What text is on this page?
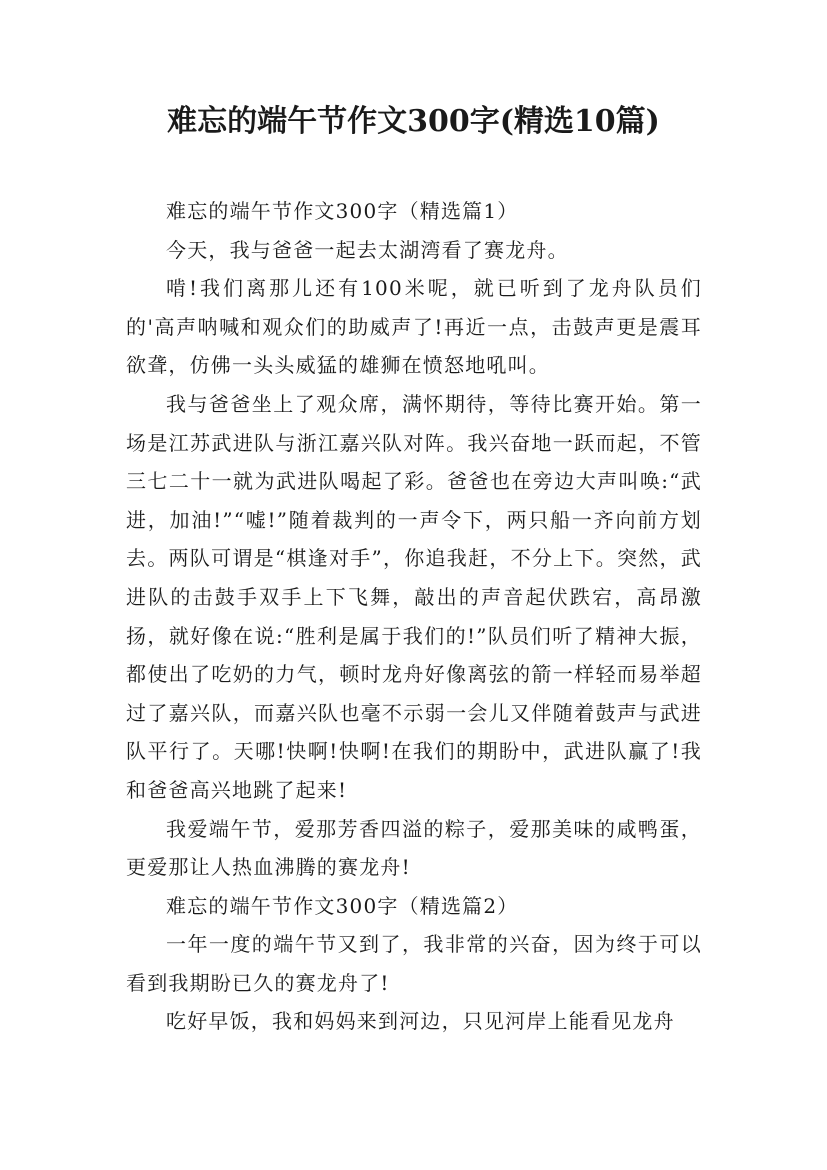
难忘的端午节作文300字(精选10篇)

难忘的端午节作文300字（精选篇1）

今天，我与爸爸一起去太湖湾看了赛龙舟。

啃!我们离那儿还有100米呢，就已听到了龙舟队员们的'高声呐喊和观众们的助威声了!再近一点，击鼓声更是震耳欲聋，仿佛一头头威猛的雄狮在愤怒地吼叫。

我与爸爸坐上了观众席，满怀期待，等待比赛开始。第一场是江苏武进队与浙江嘉兴队对阵。我兴奋地一跃而起，不管三七二十一就为武进队喝起了彩。爸爸也在旁边大声叫唤:“武进，加油!”“嘘!”随着裁判的一声令下，两只船一齐向前方划去。两队可谓是“棋逢对手”，你追我赶，不分上下。突然，武进队的击鼓手双手上下飞舞，敲出的声音起伏跌宕，高昂激扬，就好像在说:“胜利是属于我们的!”队员们听了精神大振，都使出了吃奶的力气，顿时龙舟好像离弦的箭一样轻而易举超过了嘉兴队，而嘉兴队也毫不示弱一会儿又伴随着鼓声与武进队平行了。天哪!快啊!快啊!在我们的期盼中，武进队赢了!我和爸爸高兴地跳了起来!

我爱端午节，爱那芳香四溢的粽子，爱那美味的咸鸭蛋，更爱那让人热血沸腾的赛龙舟!

难忘的端午节作文300字（精选篇2）

一年一度的端午节又到了，我非常的兴奋，因为终于可以看到我期盼已久的赛龙舟了!

吃好早饭，我和妈妈来到河边，只见河岸上能看见龙舟
